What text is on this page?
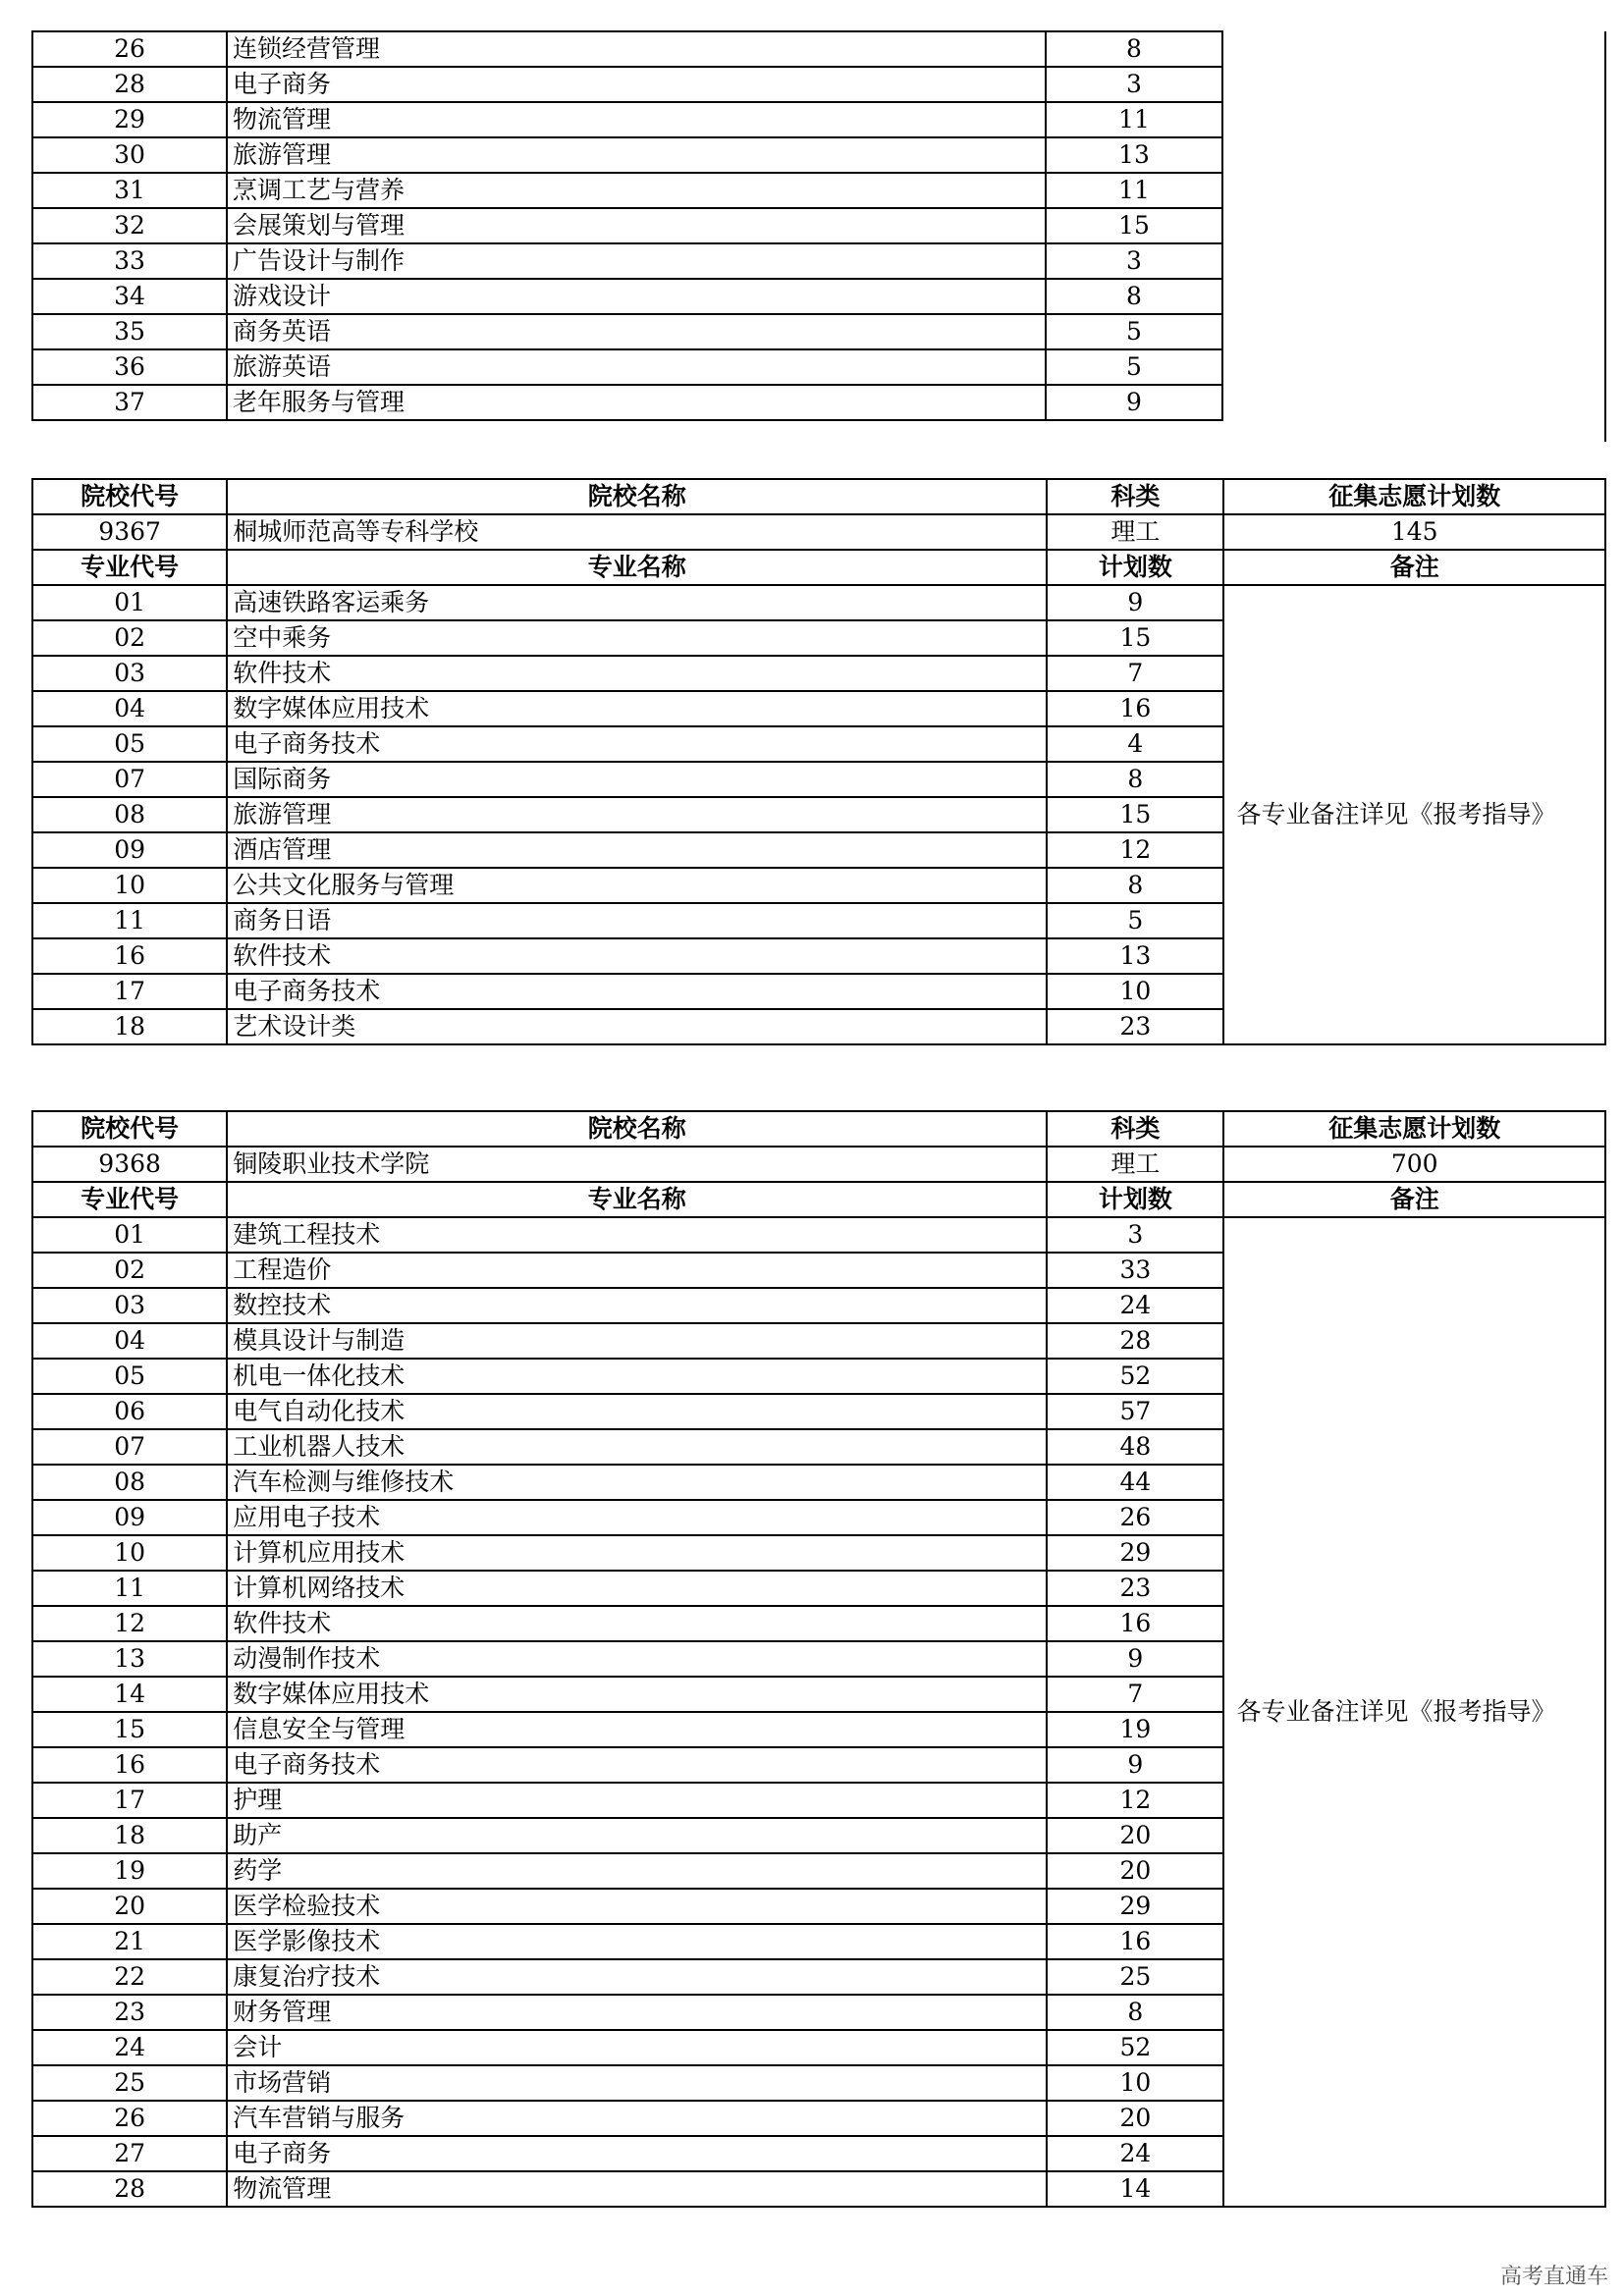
26	连锁经营管理	8
28	电子商务	3
29	物流管理	11
30	旅游管理	13
31	烹调工艺与营养	11
32	会展策划与管理	15
33	广告设计与制作	3
34	游戏设计	8
35	商务英语	5
36	旅游英语	5
37	老年服务与管理	9
院校代号	院校名称	科类	征集志愿计划数
9367	桐城师范高等专科学校	理工	145
专业代号	专业名称	计划数	备注
01	高速铁路客运乘务	9	各专业备注详见《报考指导》
02	空中乘务	15	
03	软件技术	7	
04	数字媒体应用技术	16	
05	电子商务技术	4	
07	国际商务	8	
08	旅游管理	15	
09	酒店管理	12	
10	公共文化服务与管理	8	
11	商务日语	5	
16	软件技术	13	
17	电子商务技术	10	
18	艺术设计类	23	
院校代号	院校名称	科类	征集志愿计划数
9368	铜陵职业技术学院	理工	700
专业代号	专业名称	计划数	备注
01	建筑工程技术	3	各专业备注详见《报考指导》
02	工程造价	33	
03	数控技术	24	
04	模具设计与制造	28	
05	机电一体化技术	52	
06	电气自动化技术	57	
07	工业机器人技术	48	
08	汽车检测与维修技术	44	
09	应用电子技术	26	
10	计算机应用技术	29	
11	计算机网络技术	23	
12	软件技术	16	
13	动漫制作技术	9	
14	数字媒体应用技术	7	
15	信息安全与管理	19	
16	电子商务技术	9	
17	护理	12	
18	助产	20	
19	药学	20	
20	医学检验技术	29	
21	医学影像技术	16	
22	康复治疗技术	25	
23	财务管理	8	
24	会计	52	
25	市场营销	10	
26	汽车营销与服务	20	
27	电子商务	24	
28	物流管理	14	
高考直通车
